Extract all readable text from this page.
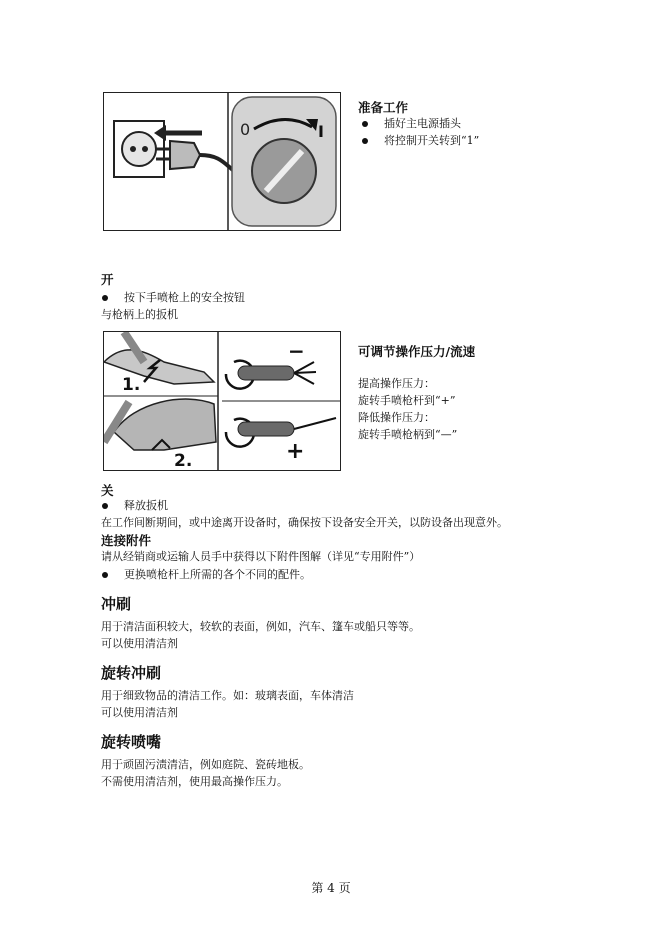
0	I
准备工作
插好主电源插头
将控制开关转到“1”
开
按下手喷枪上的安全按钮
与枪柄上的扳机
1.
2.
−
+
可调节操作压力/流速
提高操作压力：
旋转手喷枪杆到“+”
降低操作压力：
旋转手喷枪柄到“—”
关
释放扳机
在工作间断期间，或中途离开设备时，确保按下设备安全开关，以防设备出现意外。
连接附件
请从经销商或运输人员手中获得以下附件图解（详见“专用附件”）
更换喷枪杆上所需的各个不同的配件。
冲刷
用于清洁面积较大，较软的表面，例如，汽车、篷车或船只等等。
可以使用清洁剂
旋转冲刷
用于细致物品的清洁工作。如：玻璃表面，车体清洁
可以使用清洁剂
旋转喷嘴
用于顽固污渍清洁，例如庭院、瓷砖地板。
不需使用清洁剂，使用最高操作压力。
第 4 页
